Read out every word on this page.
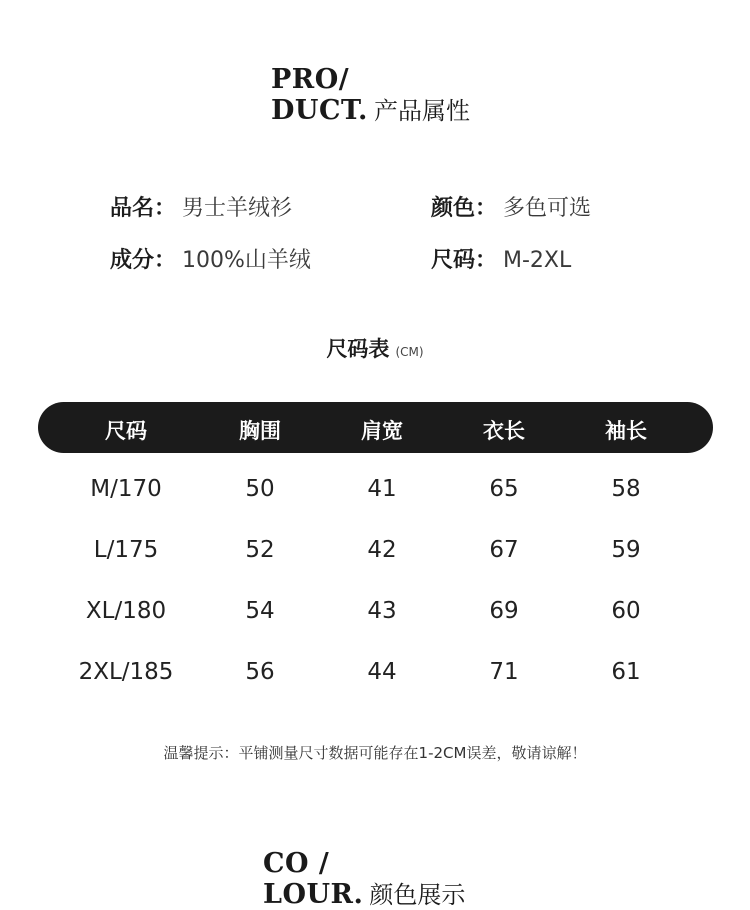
PRO/
DUCT. 产品属性
品名： 男士羊绒衫	颜色： 多色可选
成分： 100%山羊绒	尺码： M-2XL
尺码表 (CM)
尺码	胸围	肩宽	衣长	袖长
M/170	50	41	65	58
L/175	52	42	67	59
XL/180	54	43	69	60
2XL/185	56	44	71	61
温馨提示：平铺测量尺寸数据可能存在1-2CM误差，敬请谅解！
CO /
LOUR. 颜色展示
